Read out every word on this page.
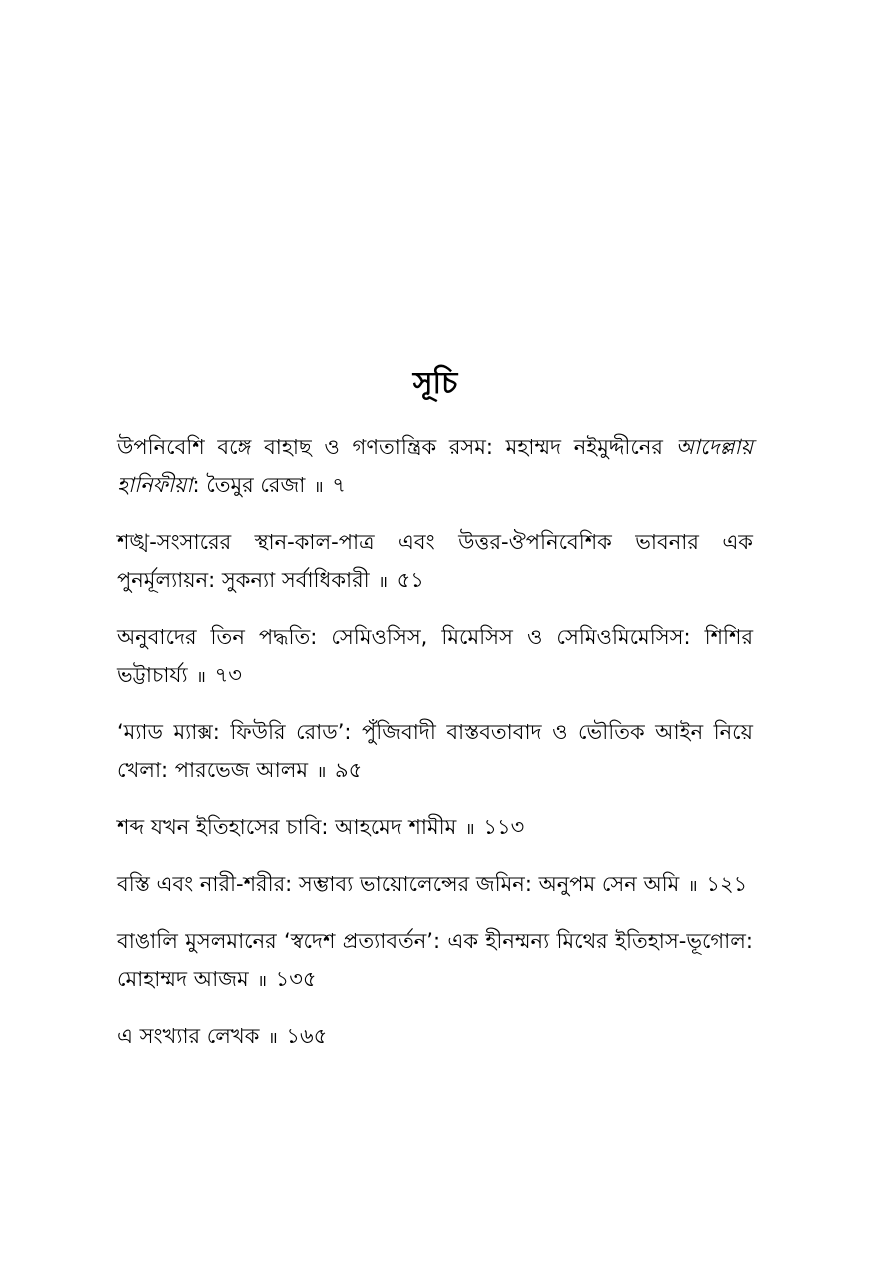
সূচি
উপনিবেশি বঙ্গে বাহাছ ও গণতান্ত্রিক রসম: মহাম্মদ নইমুদ্দীনের আদেল্লায় হানিফীয়া: তৈমুর রেজা ॥ ৭
শঙ্খ-সংসারের স্থান-কাল-পাত্র এবং উত্তর-ঔপনিবেশিক ভাবনার এক পুনর্মূল্যায়ন: সুকন্যা সর্বাধিকারী ॥ ৫১
অনুবাদের তিন পদ্ধতি: সেমিওসিস, মিমেসিস ও সেমিওমিমেসিস: শিশির ভট্টাচার্য্য ॥ ৭৩
‘ম্যাড ম্যাক্স: ফিউরি রোড’: পুঁজিবাদী বাস্তবতাবাদ ও ভৌতিক আইন নিয়ে খেলা: পারভেজ আলম ॥ ৯৫
শব্দ যখন ইতিহাসের চাবি: আহমেদ শামীম ॥ ১১৩
বস্তি এবং নারী-শরীর: সম্ভাব্য ভায়োলেন্সের জমিন: অনুপম সেন অমি ॥ ১২১
বাঙালি মুসলমানের ‘স্বদেশ প্রত্যাবর্তন’: এক হীনম্মন্য মিথের ইতিহাস-ভূগোল: মোহাম্মদ আজম ॥ ১৩৫
এ সংখ্যার লেখক ॥ ১৬৫
